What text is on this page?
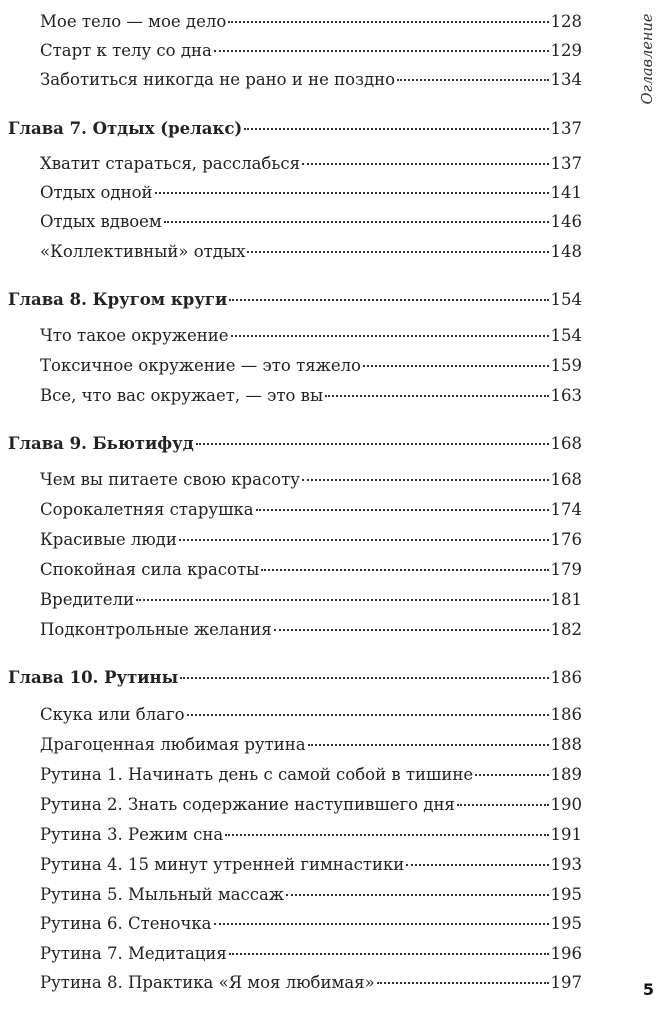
Мое тело — мое дело	128
Старт к телу со дна	129
Заботиться никогда не рано и не поздно	134
Глава 7. Отдых (релакс)	137
Хватит стараться, расслабься	137
Отдых одной	141
Отдых вдвоем	146
«Коллективный» отдых	148
Глава 8. Кругом круги	154
Что такое окружение	154
Токсичное окружение — это тяжело	159
Все, что вас окружает, — это вы	163
Глава 9. Бьютифуд	168
Чем вы питаете свою красоту	168
Сорокалетняя старушка	174
Красивые люди	176
Спокойная сила красоты	179
Вредители	181
Подконтрольные желания	182
Глава 10. Рутины	186
Скука или благо	186
Драгоценная любимая рутина	188
Рутина 1. Начинать день с самой собой в тишине	189
Рутина 2. Знать содержание наступившего дня	190
Рутина 3. Режим сна	191
Рутина 4. 15 минут утренней гимнастики	193
Рутина 5. Мыльный массаж	195
Рутина 6. Стеночка	195
Рутина 7. Медитация	196
Рутина 8. Практика «Я моя любимая»	197
Оглавление
5
